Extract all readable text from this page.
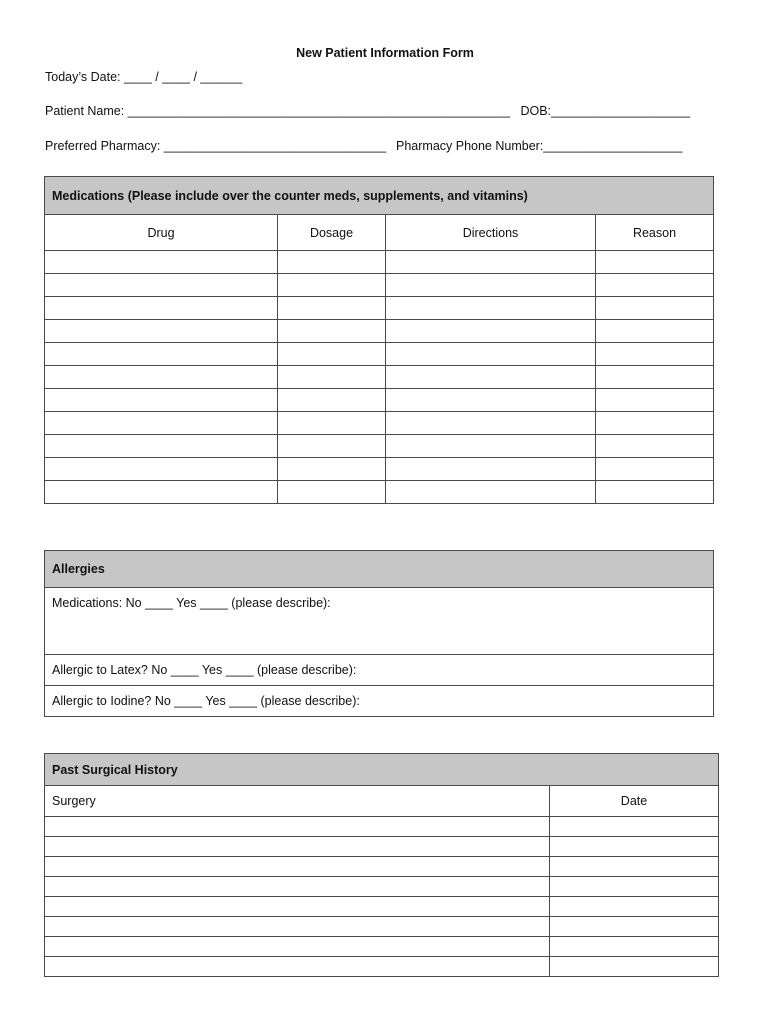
New Patient Information Form
Today’s Date: ____ / ____ / ______
Patient Name: _______________________________________________________   DOB:____________________
Preferred Pharmacy: ________________________________ Pharmacy Phone Number:____________________
Medications (Please include over the counter meds, supplements, and vitamins)			
Drug	Dosage	Directions	Reason

Allergies
Medications: No ____ Yes ____ (please describe):
Allergic to Latex? No ____ Yes ____ (please describe):
Allergic to Iodine? No ____ Yes ____ (please describe):
Past Surgical History	
Surgery	Date
